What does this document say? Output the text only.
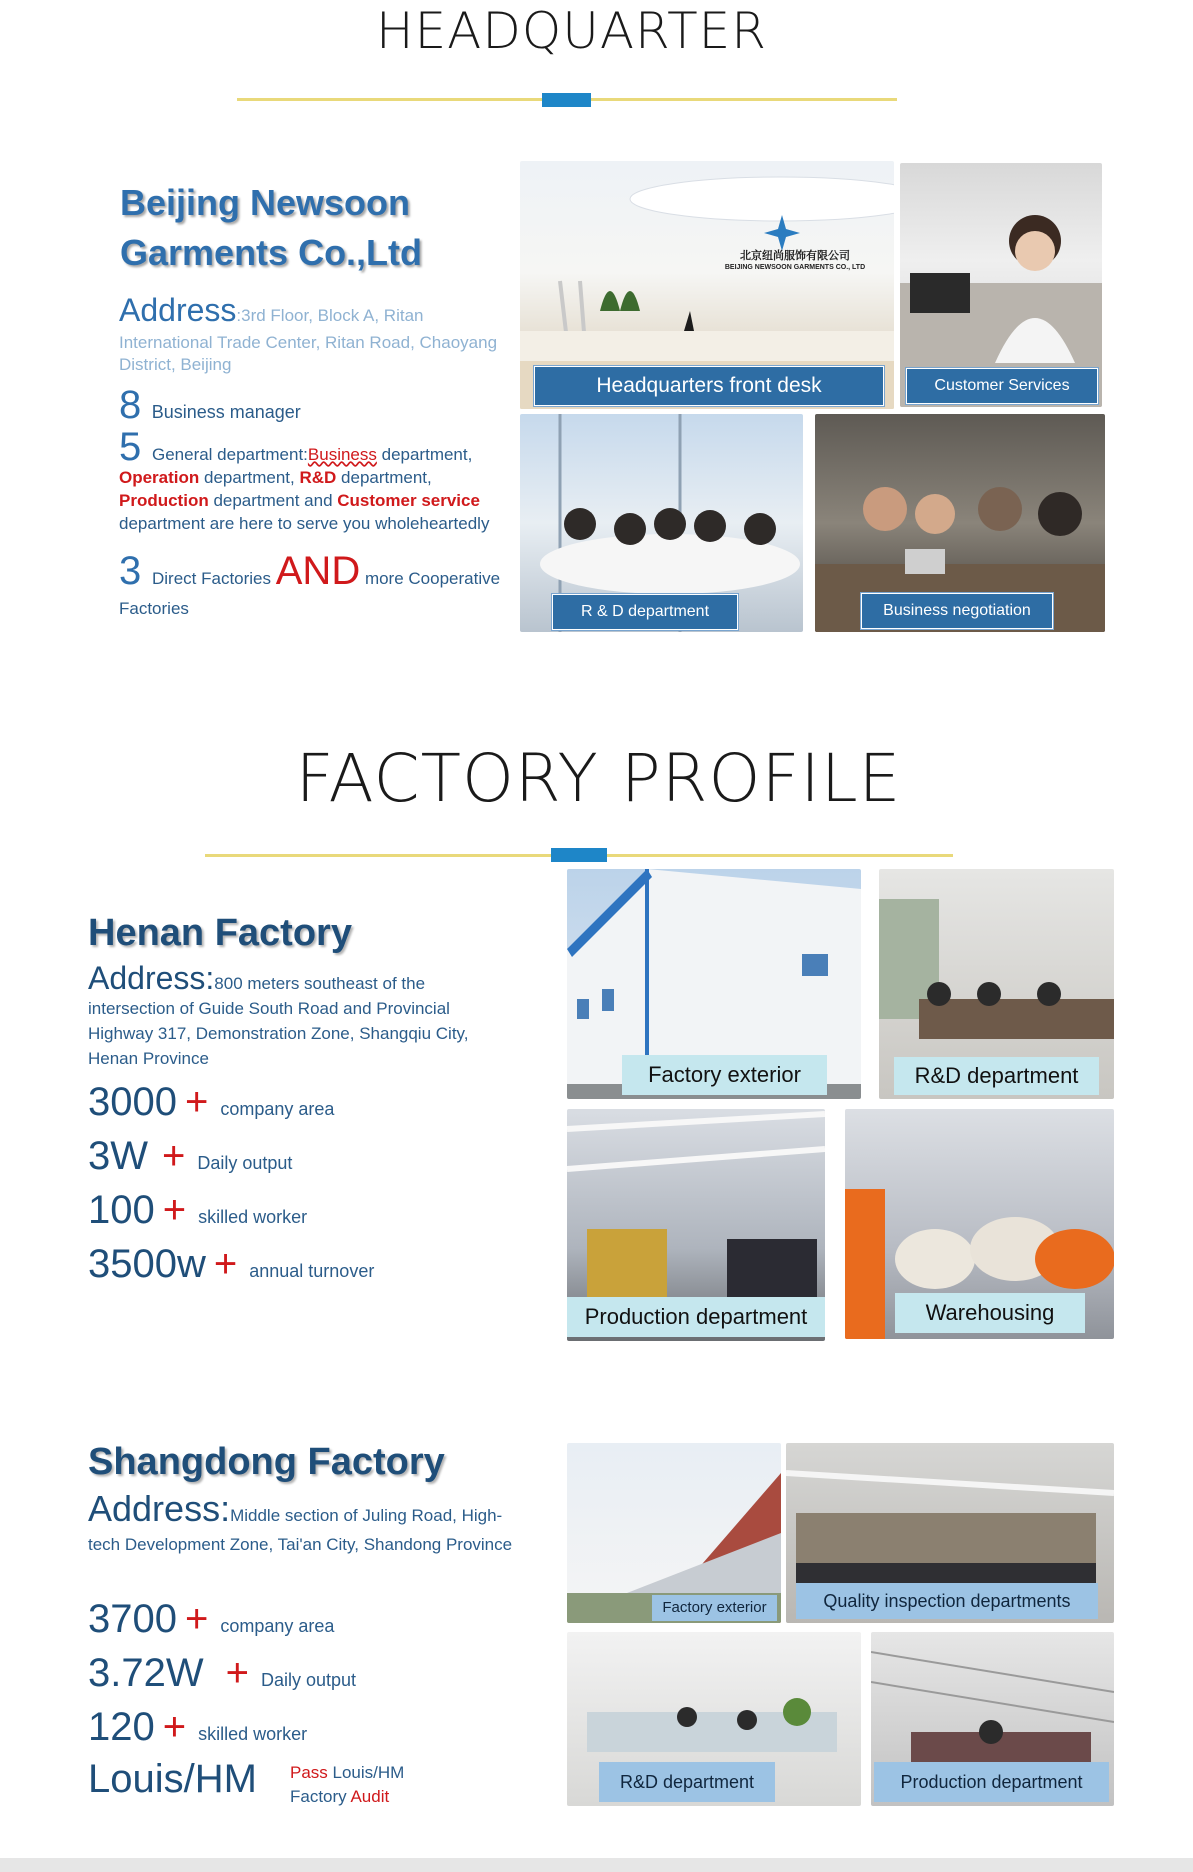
HEADQUARTER
Beijing Newsoon
Garments Co.,Ltd
Address:3rd Floor, Block A, Ritan International Trade Center, Ritan Road, Chaoyang District, Beijing
8 Business manager
5 General department:Business department,
Operation department, R&D department,
Production department and Customer service
department are here to serve you wholeheartedly
3 Direct Factories AND more Cooperative
Factories
北京纽尚服饰有限公司
BEIJING NEWSOON GARMENTS CO., LTD
Headquarters front desk	Customer Services
R & D department	Business negotiation
FACTORY PROFILE
Henan Factory
Address:800 meters southeast of the intersection of Guide South Road and Provincial Highway 317, Demonstration Zone, Shangqiu City, Henan Province
3000 + company area
3W + Daily output
100 + skilled worker
3500w + annual turnover
Factory exterior	R&D department
Production department	Warehousing
Shangdong Factory
Address:Middle section of Juling Road, High-tech Development Zone, Tai'an City, Shandong Province
3700 + company area
3.72W + Daily output
120 + skilled worker
Louis/HM Pass Louis/HM
Factory Audit
Factory exterior	Quality inspection departments
R&D department	Production department
